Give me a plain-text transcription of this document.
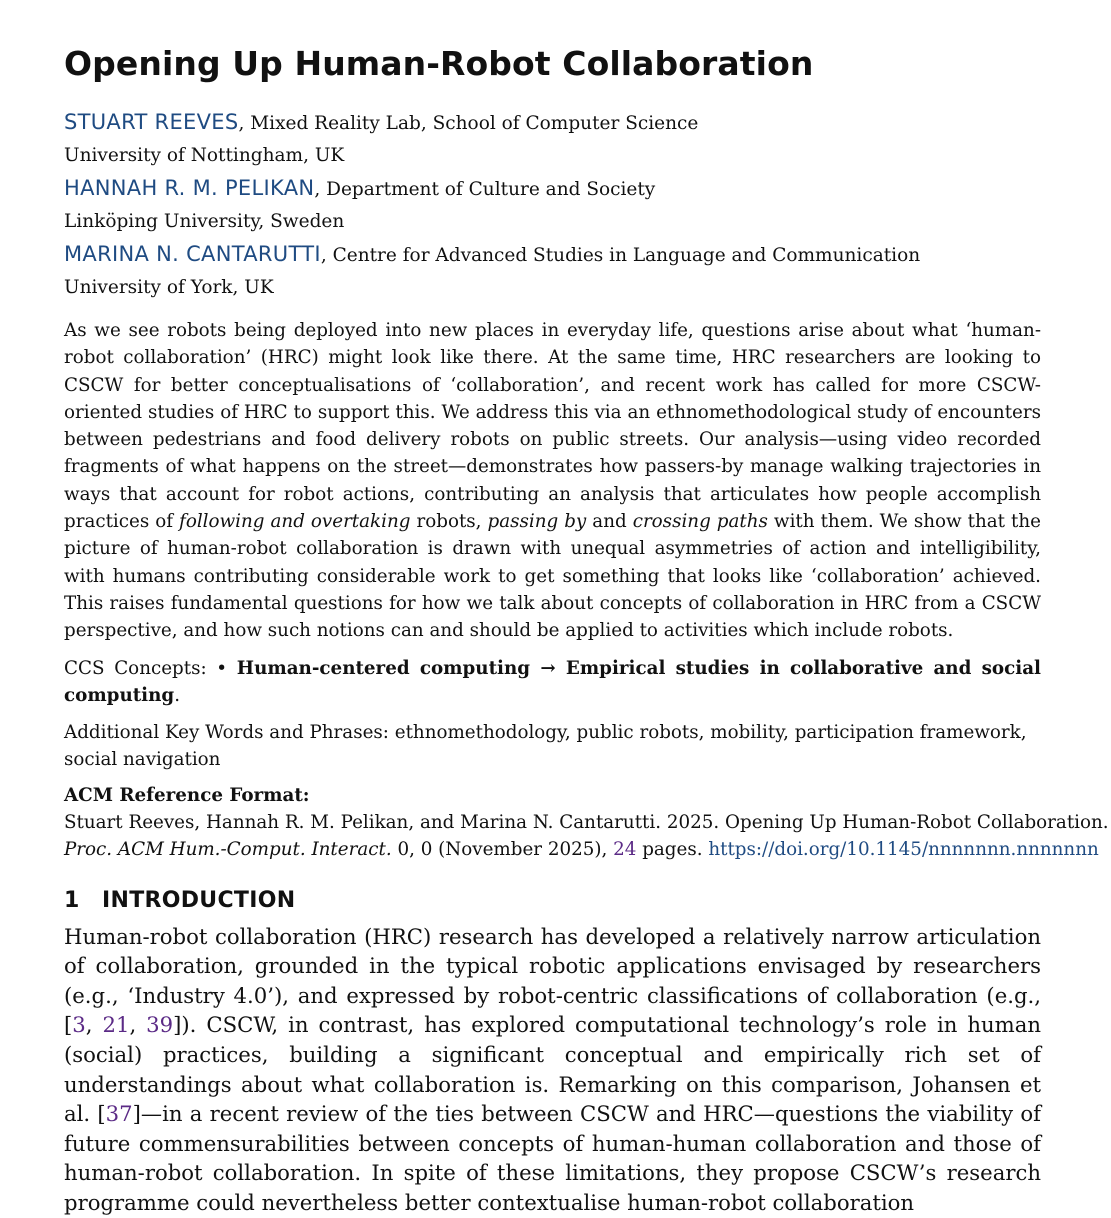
Opening Up Human-Robot Collaboration
STUART REEVES, Mixed Reality Lab, School of Computer Science
University of Nottingham, UK
HANNAH R. M. PELIKAN, Department of Culture and Society
Linköping University, Sweden
MARINA N. CANTARUTTI, Centre for Advanced Studies in Language and Communication
University of York, UK

As we see robots being deployed into new places in everyday life, questions arise about what ‘human-robot collaboration’ (HRC) might look like there. At the same time, HRC researchers are looking to CSCW for better conceptualisations of ‘collaboration’, and recent work has called for more CSCW-oriented studies of HRC to support this. We address this via an ethnomethodological study of encounters between pedestrians and food delivery robots on public streets. Our analysis—using video recorded fragments of what happens on the street—demonstrates how passers-by manage walking trajectories in ways that account for robot actions, contributing an analysis that articulates how people accomplish practices of following and overtaking robots, passing by and crossing paths with them. We show that the picture of human-robot collaboration is drawn with unequal asymmetries of action and intelligibility, with humans contributing considerable work to get something that looks like ‘collaboration’ achieved. This raises fundamental questions for how we talk about concepts of collaboration in HRC from a CSCW perspective, and how such notions can and should be applied to activities which include robots.

CCS Concepts: • Human-centered computing → Empirical studies in collaborative and social computing.

Additional Key Words and Phrases: ethnomethodology, public robots, mobility, participation framework, social navigation

ACM Reference Format:
Stuart Reeves, Hannah R. M. Pelikan, and Marina N. Cantarutti. 2025. Opening Up Human-Robot Collaboration.
Proc. ACM Hum.-Comput. Interact. 0, 0 (November 2025), 24 pages. https://doi.org/10.1145/nnnnnnn.nnnnnnn
1 INTRODUCTION

Human-robot collaboration (HRC) research has developed a relatively narrow articulation of collaboration, grounded in the typical robotic applications envisaged by researchers (e.g., ‘Industry 4.0’), and expressed by robot-centric classifications of collaboration (e.g., [3, 21, 39]). CSCW, in contrast, has explored computational technology’s role in human (social) practices, building a significant conceptual and empirically rich set of understandings about what collaboration is. Remarking on this comparison, Johansen et al. [37]—in a recent review of the ties between CSCW and HRC—questions the viability of future commensurabilities between concepts of human-human collaboration and those of human-robot collaboration. In spite of these limitations, they propose CSCW’s research programme could nevertheless better contextualise human-robot collaboration
